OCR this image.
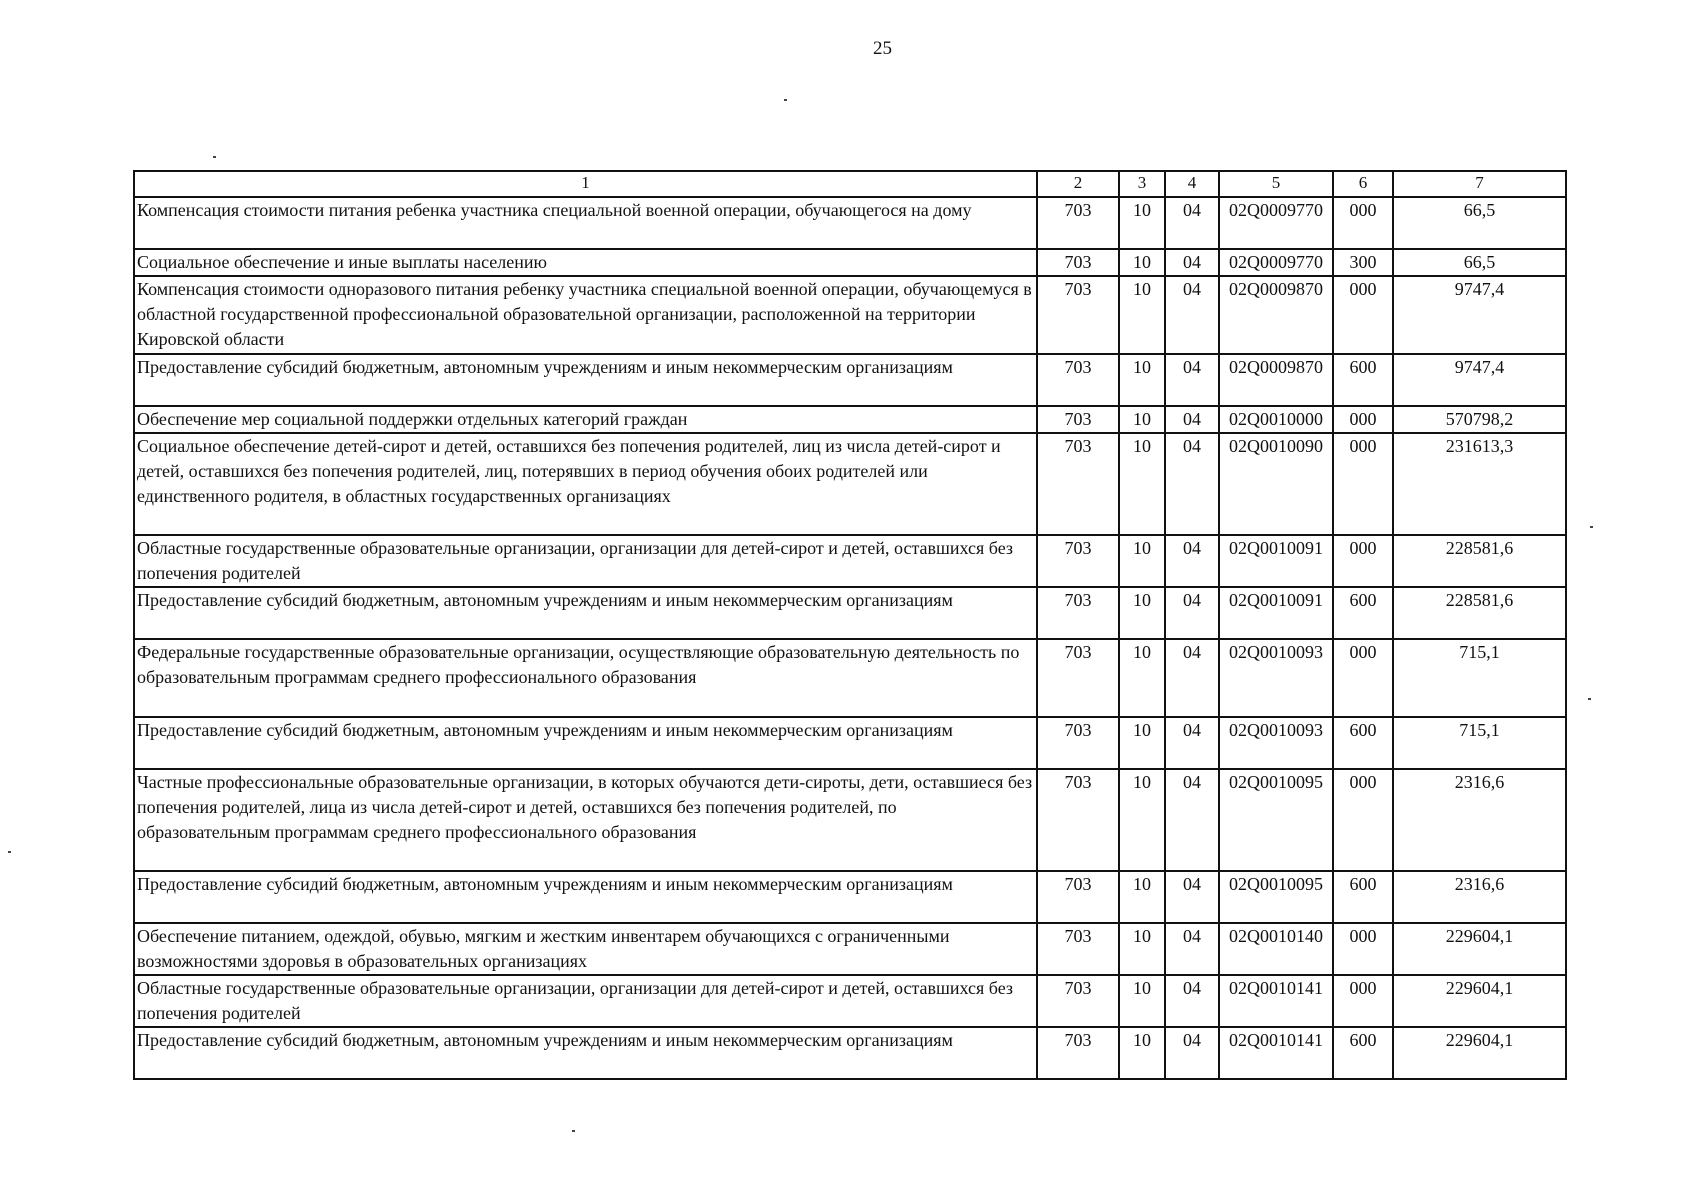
25
1	2	3	4	5	6	7
Компенсация стоимости питания ребенка участника специальной военной операции, обучающегося на дому	703	10	04	02Q0009770	000	66,5
Социальное обеспечение и иные выплаты населению	703	10	04	02Q0009770	300	66,5
Компенсация стоимости одноразового питания ребенку участника специальной военной операции, обучающемуся в областной государственной профессиональной образовательной организации, расположенной на территории Кировской области	703	10	04	02Q0009870	000	9747,4
Предоставление субсидий бюджетным, автономным учреждениям и иным некоммерческим организациям	703	10	04	02Q0009870	600	9747,4
Обеспечение мер социальной поддержки отдельных категорий граждан	703	10	04	02Q0010000	000	570798,2
Социальное обеспечение детей-сирот и детей, оставшихся без попечения родителей, лиц из числа детей-сирот и детей, оставшихся без попечения родителей, лиц, потерявших в период обучения обоих родителей или единственного родителя, в областных государственных организациях	703	10	04	02Q0010090	000	231613,3
Областные государственные образовательные организации, организации для детей-сирот и детей, оставшихся без попечения родителей	703	10	04	02Q0010091	000	228581,6
Предоставление субсидий бюджетным, автономным учреждениям и иным некоммерческим организациям	703	10	04	02Q0010091	600	228581,6
Федеральные государственные образовательные организации, осуществляющие образовательную деятельность по образовательным программам среднего профессионального образования	703	10	04	02Q0010093	000	715,1
Предоставление субсидий бюджетным, автономным учреждениям и иным некоммерческим организациям	703	10	04	02Q0010093	600	715,1
Частные профессиональные образовательные организации, в которых обучаются дети-сироты, дети, оставшиеся без попечения родителей, лица из числа детей-сирот и детей, оставшихся без попечения родителей, по образовательным программам среднего профессионального образования	703	10	04	02Q0010095	000	2316,6
Предоставление субсидий бюджетным, автономным учреждениям и иным некоммерческим организациям	703	10	04	02Q0010095	600	2316,6
Обеспечение питанием, одеждой, обувью, мягким и жестким инвентарем обучающихся с ограниченными возможностями здоровья в образовательных организациях	703	10	04	02Q0010140	000	229604,1
Областные государственные образовательные организации, организации для детей-сирот и детей, оставшихся без попечения родителей	703	10	04	02Q0010141	000	229604,1
Предоставление субсидий бюджетным, автономным учреждениям и иным некоммерческим организациям	703	10	04	02Q0010141	600	229604,1
